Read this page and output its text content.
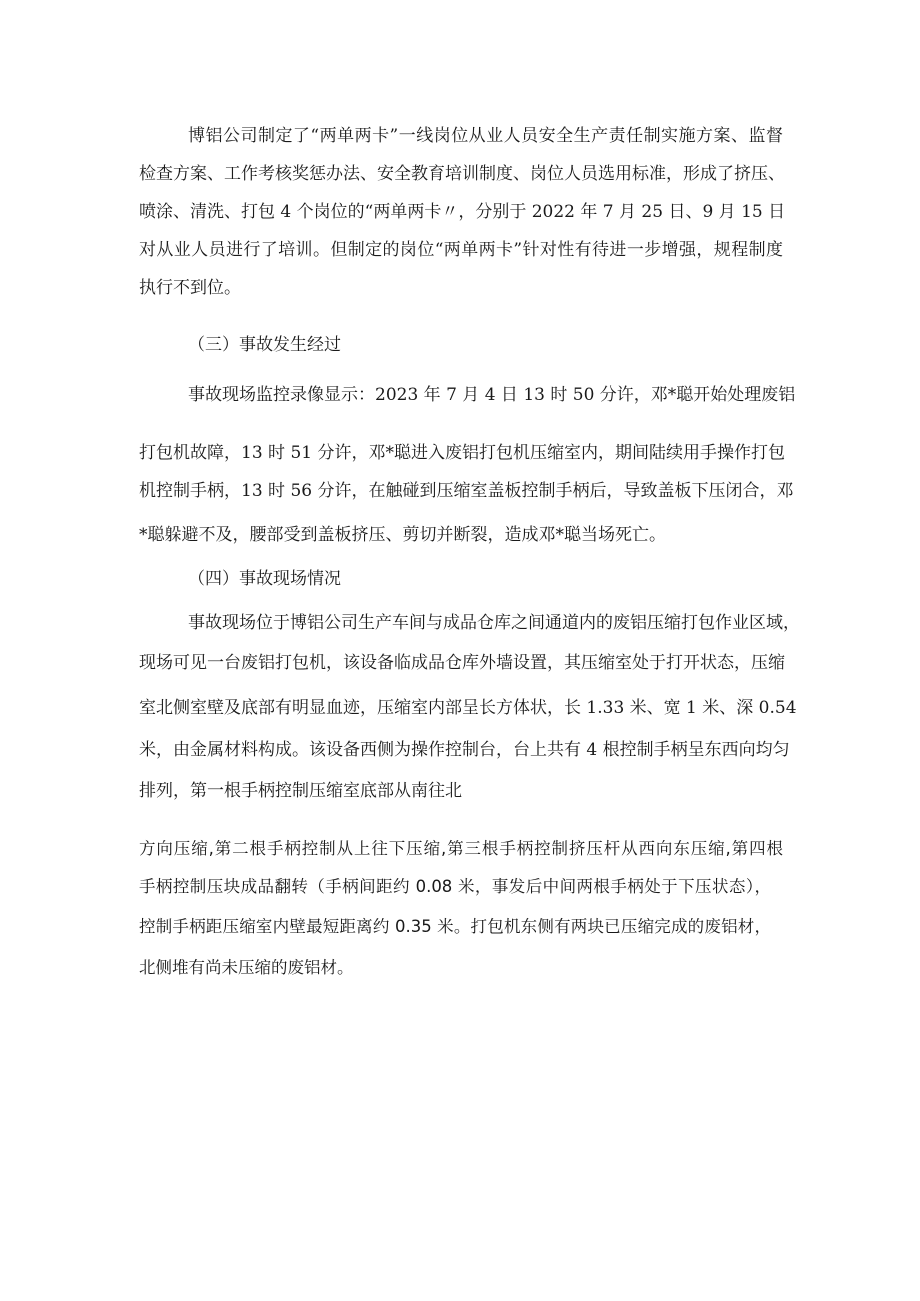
博铝公司制定了“两单两卡”一线岗位从业人员安全生产责任制实施方案、监督
检查方案、工作考核奖惩办法、安全教育培训制度、岗位人员选用标准，形成了挤压、
喷涂、清洗、打包 4 个岗位的“两单两卡〃，分别于 2022 年 7 月 25 日、9 月 15 日
对从业人员进行了培训。但制定的岗位“两单两卡”针对性有待进一步增强，规程制度
执行不到位。
（三）事故发生经过
事故现场监控录像显示：2023 年 7 月 4 日 13 时 50 分许，邓*聪开始处理废铝
打包机故障，13 时 51 分许，邓*聪进入废铝打包机压缩室内，期间陆续用手操作打包
机控制手柄，13 时 56 分许，在触碰到压缩室盖板控制手柄后，导致盖板下压闭合，邓
*聪躲避不及，腰部受到盖板挤压、剪切并断裂，造成邓*聪当场死亡。
（四）事故现场情况
事故现场位于博铝公司生产车间与成品仓库之间通道内的废铝压缩打包作业区域，
现场可见一台废铝打包机，该设备临成品仓库外墙设置，其压缩室处于打开状态，压缩
室北侧室壁及底部有明显血迹，压缩室内部呈长方体状，长 1.33 米、宽 1 米、深 0.54
米，由金属材料构成。该设备西侧为操作控制台，台上共有 4 根控制手柄呈东西向均匀
排列，第一根手柄控制压缩室底部从南往北
方向压缩,第二根手柄控制从上往下压缩,第三根手柄控制挤压杆从西向东压缩,第四根
手柄控制压块成品翻转（手柄间距约 0.08 米，事发后中间两根手柄处于下压状态），
控制手柄距压缩室内壁最短距离约 0.35 米。打包机东侧有两块已压缩完成的废铝材，
北侧堆有尚未压缩的废铝材。
